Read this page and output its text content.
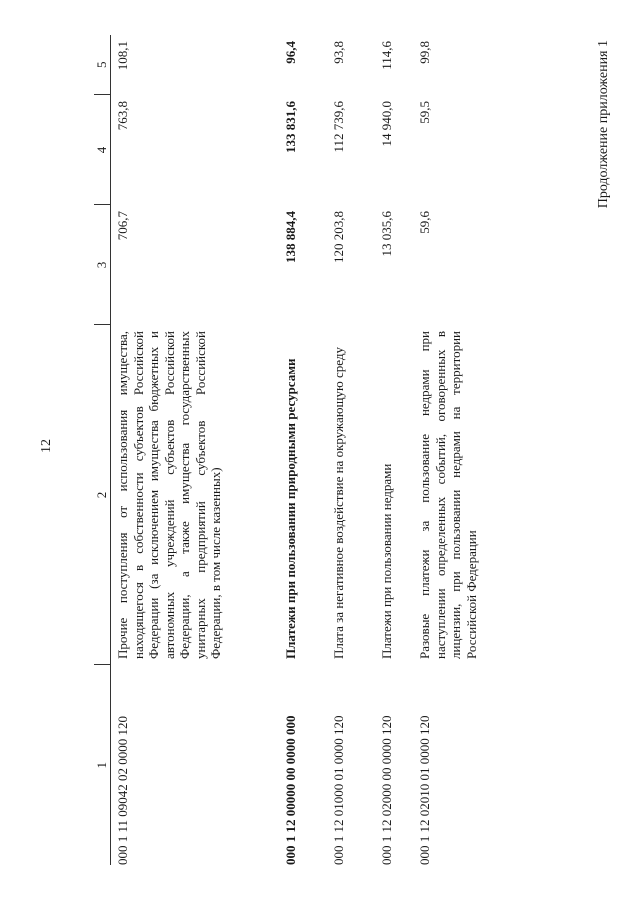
12
Продолжение приложения 1
1	2	3	4	5
000 1 11 09042 02 0000 120	Прочие поступления от использования имущества, находящегося в собственности субъектов Российской Федерации (за исключением имущества бюджетных и автономных учреждений субъектов Российской Федерации, а также имущества государственных унитарных предприятий субъектов Российской Федерации, в том числе казенных)	706,7	763,8	108,1
000 1 12 00000 00 0000 000	Платежи при пользовании природными ресурсами	138 884,4	133 831,6	96,4
000 1 12 01000 01 0000 120	Плата за негативное воздействие на окружающую среду	120 203,8	112 739,6	93,8
000 1 12 02000 00 0000 120	Платежи при пользовании недрами	13 035,6	14 940,0	114,6
000 1 12 02010 01 0000 120	Разовые платежи за пользование недрами при наступлении определенных событий, оговоренных в лицензии, при пользовании недрами на территории Российской Федерации	59,6	59,5	99,8
